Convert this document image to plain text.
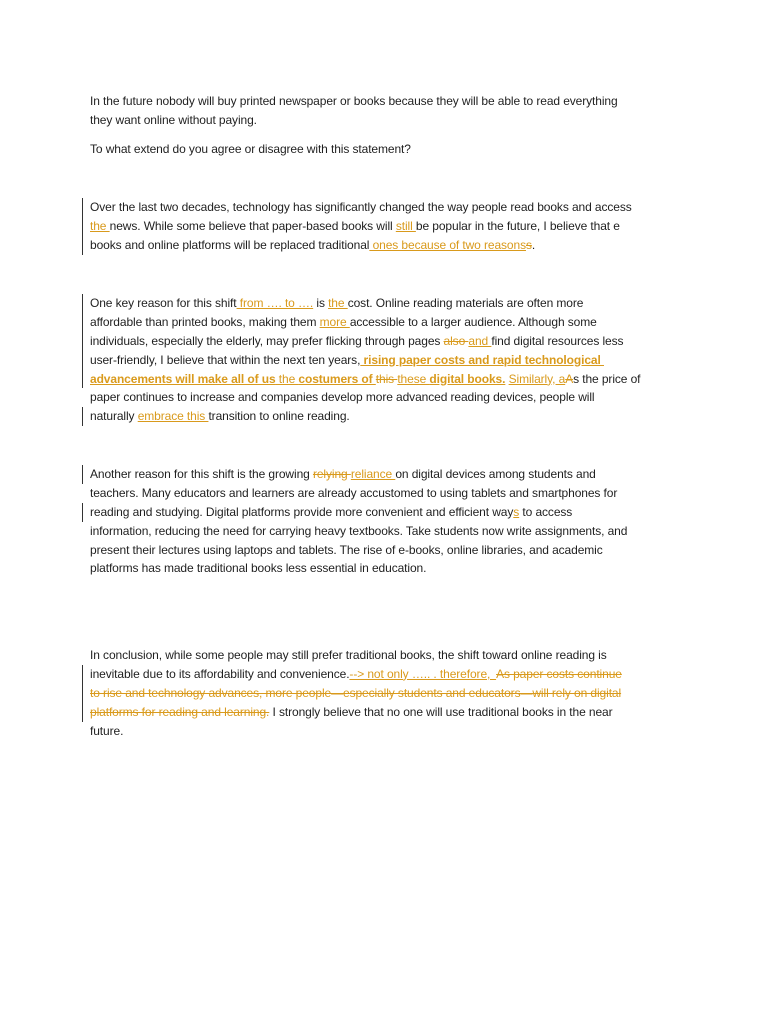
In the future nobody will buy printed newspaper or books because they will be able to read everything
they want online without paying.
To what extend do you agree or disagree with this statement?
Over the last two decades, technology has significantly changed the way people read books and access
the news. While some believe that paper-based books will still be popular in the future, I believe that e
books and online platforms will be replaced traditional ones because of two reasonss.
One key reason for this shift from …. to …. is the cost. Online reading materials are often more
affordable than printed books, making them more accessible to a larger audience. Although some
individuals, especially the elderly, may prefer flicking through pages also and find digital resources less
user-friendly, I believe that within the next ten years, rising paper costs and rapid technological
advancements will make all of us the costumers of this these digital books. Similarly, aAs the price of
paper continues to increase and companies develop more advanced reading devices, people will
naturally embrace this transition to online reading.
Another reason for this shift is the growing relying reliance on digital devices among students and
teachers. Many educators and learners are already accustomed to using tablets and smartphones for
reading and studying. Digital platforms provide more convenient and efficient ways to access
information, reducing the need for carrying heavy textbooks. Take students now write assignments, and
present their lectures using laptops and tablets. The rise of e-books, online libraries, and academic
platforms has made traditional books less essential in education.
In conclusion, while some people may still prefer traditional books, the shift toward online reading is
inevitable due to its affordability and convenience.--> not only ….. . therefore,  As paper costs continue
to rise and technology advances, more people—especially students and educators—will rely on digital
platforms for reading and learning. I strongly believe that no one will use traditional books in the near
future.
